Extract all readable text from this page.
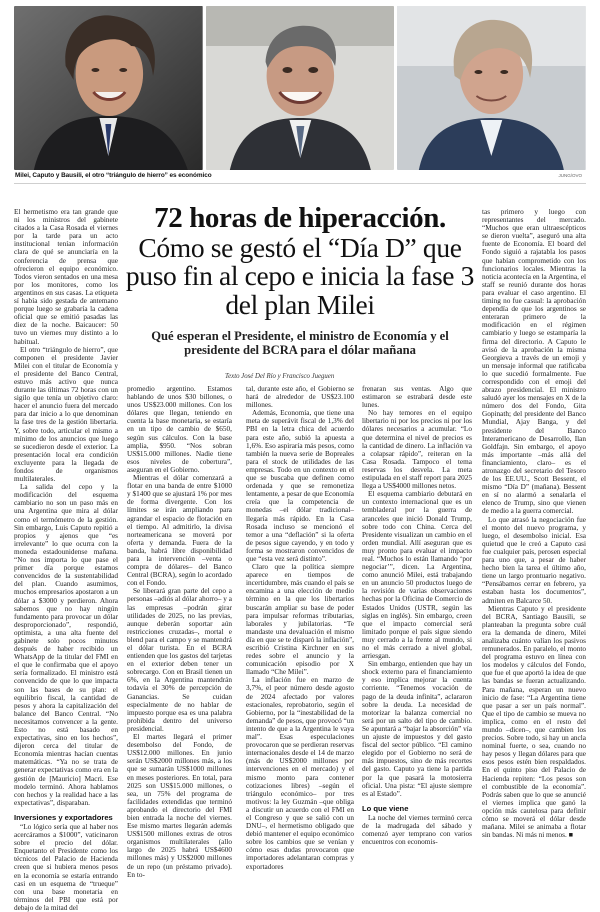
Milei, Caputo y Bausili, el otro “triángulo de hierro” es económico	JUNG/OVO
72 horas de hiperacción.
Cómo se gestó el “Día D” que puso fin al cepo e inicia la fase 3 del plan Milei
Qué esperan el Presidente, el ministro de Economía y el presidente del BCRA para el dólar mañana
Texto José Del Río y Francisco Jueguen

El hermetismo era tan grande que ni los ministros del gabinete citados a la Casa Rosada el viernes por la tarde para un acto institucional tenían información clara de qué se anunciaría en la conferencia de prensa que ofrecieron el equipo económico. Todos vieron sentados en una mesa por los monitores, como los argentinos en sus casas. La etiqueta sí había sido gestada de antemano porque luego se grabaría la cadena oficial que se emitió pasadas las diez de la noche. Baicaucer: 50 tuvo un viernes muy distinto a lo habitual.

El otro “triángulo de hierro”, que componen el presidente Javier Milei con el titular de Economía y el presidente del Banco Central, estuvo más activo que nunca durante las últimas 72 horas con un sigilo que tenía un objetivo claro: hacer el anuncio fuera del mercado para dar inicio a lo que denominan la fase tres de la gestión libertaria. Y, sobre todo, articular el mismo a mínimo de los anuncios que luego se sucedieron desde el exterior. La presentación local era condición excluyente para la llegada de fondos de organismos multilaterales.

La salida del cepo y la modificación del esquema cambiario no son un paso más en una Argentina que mira al dólar como el termómetro de la gestión. Sin embargo, Luis Caputo repitió a propios y ajenos que “es irrelevante” lo que ocurra con la moneda estadounidense mañana. “No nos importa lo que pase el primer día porque estamos convencidos de la sustentabilidad del plan. Cuando asumimos, muchos empresarios apostaron a un dólar a $3000 y perdieron. Ahora sabemos que no hay ningún fundamento para provocar un dólar desproporcionado”, respondió, optimista, a una alta fuente del gabinete solo pocos minutos después de haber recibido un WhatsApp de la titular del FMI en el que le confirmaba que el apoyo sería formalizado. El ministro está convencido de que lo que impacta son las bases de su plan: el equilibrio fiscal, la cantidad de pesos y ahora la capitalización del balance del Banco Central. “No necesitamos convencer a la gente. Esto no está basado en expectativas, sino en los hechos”, dijeron cerca del titular de Economía mientras hacían cuentas matemáticas. “Ya no se trata de generar expectativas como era en la gestión de [Mauricio] Macri. Ese modelo terminó. Ahora hablamos con hechos y la realidad hace a las expectativas”, disparaban.

Inversiones y exportadores

“Lo lógico sería que al haber nos acercáramos a $1000”, vaticinaron sobre el precio del dólar. Enquetanto el Presidente como los técnicos del Palacio de Hacienda creen que si hubiera menos pesos en la economía se estaría entrando casi en un esquema de “trueque” con una base monetaria en términos del PBI que está por debajo de la mitad del

promedio argentino. Estamos hablando de unos $30 billones, o unos US$23.000 millones. Con los dólares que llegan, teniendo en cuenta la base monetaria, se estaría en un tipo de cambio de $650, según sus cálculos. Con la base amplia, $950. “Nos sobran US$15.000 millones. Nadie tiene esos niveles de cobertura”, aseguran en el Gobierno.

Mientras el dólar comenzará a flotar en una banda de entre $1000 y $1400 que se ajustará 1% por mes de forma divergente. Con los límites se irán ampliando para agrandar el espacio de flotación en el tiempo. Al admitirlo, la divisa norteamericana se moverá por oferta y demanda. Fuera de la banda, habrá libre disponibilidad para la intervención –venta o compra de dólares– del Banco Central (BCRA), según lo acordado con el Fondo.

Se liberará gran parte del cepo a personas –adiós al dólar ahorro– y a las empresas –podrán girar utilidades de 2025, no las previas, aunque deberán soportar aún restricciones cruzadas–, mortal e blend para el campo y se mantendrá el dólar turista. En el BCRA entienden que los gastos del tarjetas en el exterior deben tener un sobrecargo. Con en Brasil tienen un 6%, en la Argentina mantendrán todavía el 30% de percepción de Ganancias. Se cuidan especialmente de no hablar de impuesto porque esa es una palabra prohibida dentro del universo presidencial.

El martes llegará el primer desembolso del Fondo, de US$12.000 millones. En junio serán US$2000 millones más, a los que se sumarán US$1000 millones en meses posteriores. En total, para 2025 son US$15.000 millones, o sea, un 75% del programa de facilidades extendidas que terminó aprobando el directorio del FMI bien entrada la noche del viernes. Ese mismo martes llegarán además US$1500 millones extras de otros organismos multilaterales (allo largo de 2025 habrá US$4600 millones más) y US$2000 millones de un repo (un préstamo privado). En to-

tal, durante este año, el Gobierno se hará de alrededor de US$23.100 millones.

Además, Economía, que tiene una meta de superávit fiscal de 1,3% del PBI en la letra chica del acuerdo para este año, subió la apuesta a 1,6%. Eso aspiraría más pesos, como también la nueva serie de Bopreales para el stock de utilidades de las empresas. Todo en un contexto en el que se buscaba que definen como ordenada y que se remonetiza lentamente, a pesar de que Economía creía que la competencia de monedas –el dólar tradicional– llegaría más rápido. En la Casa Rosada incluso se mencionó el temor a una “deflación” si la oferta de pesos sigue cayendo, y en todo y forma se mostraron convencidos de que “esta vez será distinto”.

Claro que la política siempre aparece en tiempos de incertidumbre, más cuando el país se encamina a una elección de medio término en la que los libertarios buscarán ampliar su base de poder para impulsar reformas tributarias, laborales y jubilatorias. “Te mandaste una devaluación el mismo día en que se te disparó la inflación”, escribió Cristina Kirchner en sus redes sobre el anuncio y la comunicación episodio por X llamado “Che Milei”.

La inflación fue en marzo de 3,7%, el peor número desde agosto de 2024 afectado por valores estacionales, reprobatorio, según el Gobierno, por la “inestabilidad de la demanda” de pesos, que provocó “un intento de que a la Argentina le vaya mal”. Esas especulaciones provocaron que se perdieran reservas internacionales desde el 14 de marzo (más de US$2000 millones por intervenciones en el mercado) y el mismo monto para contener cotizaciones libres) –según el triángulo económico– por tres motivos: la ley Guzmán –que obliga a discutir un acuerdo con el FMI en el Congreso y que se salió con un DNU–, el hermetismo obligado que debió mantener el equipo económico sobre los cambios que se venían y cómo esas dudas provocaron que importadores adelantaran compras y exportadores

frenaran sus ventas. Algo que estimaron se estrabará desde este lunes.

No hay temores en el equipo libertario ni por los precios ni por los dólares necesarios a acumular. “Lo que determina el nivel de precios es la cantidad de dinero. La inflación va a colapsar rápido”, reiteran en la Casa Rosada. Tampoco el tema reservas los desvela. La meta estipulada en el staff report para 2025 llega a US$4000 millones netos.

El esquema cambiario debutará en un contexto internacional que es un tembladeral por la guerra de aranceles que inició Donald Trump, sobre todo con China. Cerca del Presidente visualizan un cambio en el orden mundial. Allí aseguran que es muy pronto para evaluar el impacto real. “Muchos lo están llamando ‘por negociar’”, dicen. La Argentina, como anunció Milei, está trabajando en un anuncio 50 productos luego de la revisión de varias observaciones hechas por la Oficina de Comercio de Estados Unidos (USTR, según las siglas en inglés). Sin embargo, creen que el impacto comercial será limitado porque el país sigue siendo muy cerrado a la frente al mundo, si no el más cerrado a nivel global, arriesgan.

Sin embargo, entienden que hay un shock externo para el financiamiento y eso implica mejorar la cuenta corriente. “Tenemos vocación de pago de la deuda infinita”, aclararon sobre la deuda. La necesidad de motorizar la balanza comercial no será por un salto del tipo de cambio. Se apuntará a “bajar la absorción” vía un ajuste de impuestos y del gasto fiscal del sector público. “El camino elegido por el Gobierno no será de más impuestos, sino de más recortes del gasto. Caputo ya tiene la partida por la que pasará la motosierra oficial. Una pista: “El ajuste siempre es al Estado”.

Lo que viene

La noche del viernes terminó cerca de la madrugada del sábado y comenzó ayer temprano con varios encuentros con economis-

tas primero y luego con representantes del mercado. “Muchos que eran ultraescépticos se dieron vuelta”, aseguró una alta fuente de Economía. El board del Fondo siguió a rajatabla los pasos que habían comprometido con los funcionarios locales. Mientras la noticia acontecía en la Argentina, el staff se reunió durante dos horas para evaluar el caso argentino. El timing no fue casual: la aprobación dependía de que los argentinos se enteraran primero de la modificación en el régimen cambiario y luego se estamparía la firma del directorio. A Caputo le avisó de la aprobación la misma Georgieva a través de un emoji y un mensaje informal que ratificaba lo que sucedió formalmente. Fue correspondido con el emoji del abrazo presidencial. El ministro saludó ayer los mensajes en X de la número dos del Fondo, Gita Gopinath; del presidente del Banco Mundial, Ajay Banga, y del presidente del Banco Interamericano de Desarrollo, Ilan Goldfajn. Sin embargo, el apoyo más importante –más allá del financiamiento, claro– es el atronazgo del secretario del Tesoro de los EE.UU., Scott Bessent, el mismo “Día D” (mañana). Bessent en sí no alarmó a senalarla el elenco de Trump, sino que vienen de medio a la guerra comercial.

Lo que atrasó la negociación fue el monto del nuevo programa, y luego, el desembolso inicial. Esa quietud que le creó a Caputo casi fue cualquier país, perosen especial para uno que, a pesar de haber hecho bien la tarea el último año, tiene un largo prontuario negativo. “Pensábamos cerrar en febrero, ya estaban hasta los documentos”, admiten en Balcarce 50.

Mientras Caputo y el presidente del BCRA, Santiago Bausili, se planteaban la pregunta sobre cuál era la demanda de dinero, Milei analizaba cuánto valían los pasivos remunerados. En paralelo, el monto del programa estuvo en línea con los modelos y cálculos del Fondo, que fue el que aportó la idea de que las bandas se fueran actualizando. Para mañana, esperan un nuevo inicio de fase: “La Argentina tiene que pasar a ser un país normal”. Que el tipo de cambio se mueva no implica, como en el resto del mundo –dicen–, que cambien los precios. Sobre todo, si hay un ancla nominal fuerte, o sea, cuando no hay pesos y llegan dólares para que esos pesos estén bien respaldados. En el quinto piso del Palacio de Hacienda repiten: “Los pesos son el combustible de la economía”. Podrás saben que lo que se anuncié el viernes implica que ganó la opción más cautelosa para definir cómo se moverá el dólar desde mañana. Milei se animaba a flotar sin bandas. Ni más ni menos. ■
